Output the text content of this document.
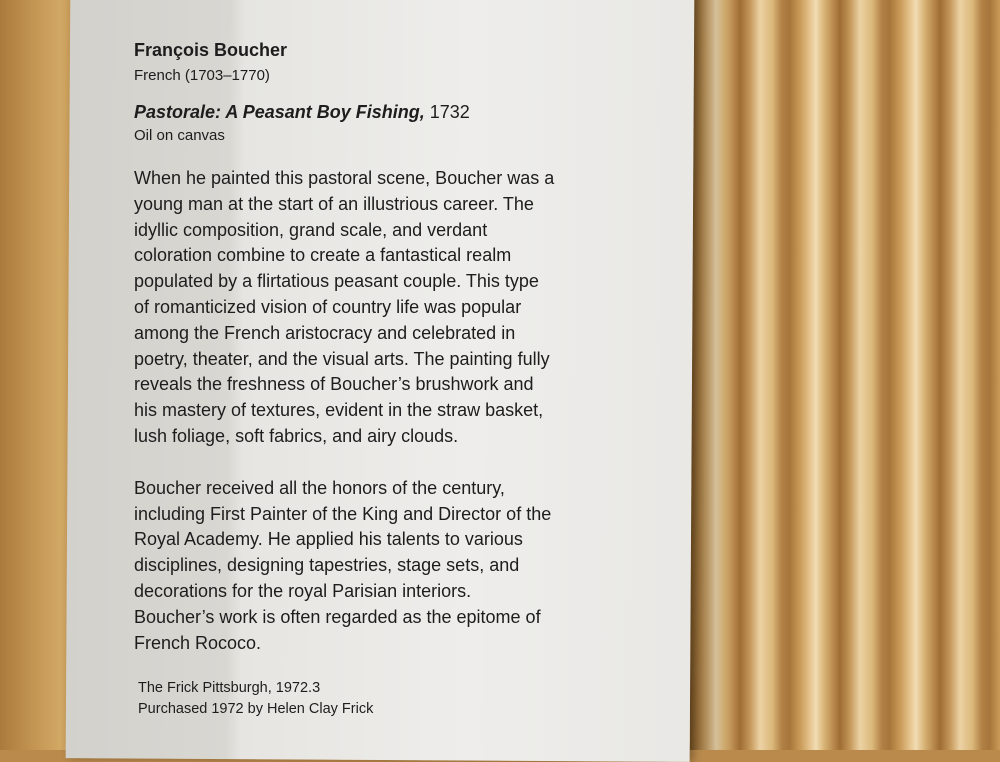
François Boucher

French (1703–1770)

Pastorale: A Peasant Boy Fishing, 1732

Oil on canvas

When he painted this pastoral scene, Boucher was a
young man at the start of an illustrious career. The
idyllic composition, grand scale, and verdant
coloration combine to create a fantastical realm
populated by a flirtatious peasant couple. This type
of romanticized vision of country life was popular
among the French aristocracy and celebrated in
poetry, theater, and the visual arts. The painting fully
reveals the freshness of Boucher’s brushwork and
his mastery of textures, evident in the straw basket,
lush foliage, soft fabrics, and airy clouds.

Boucher received all the honors of the century,
including First Painter of the King and Director of the
Royal Academy. He applied his talents to various
disciplines, designing tapestries, stage sets, and
decorations for the royal Parisian interiors.
Boucher’s work is often regarded as the epitome of
French Rococo.

The Frick Pittsburgh, 1972.3
Purchased 1972 by Helen Clay Frick
